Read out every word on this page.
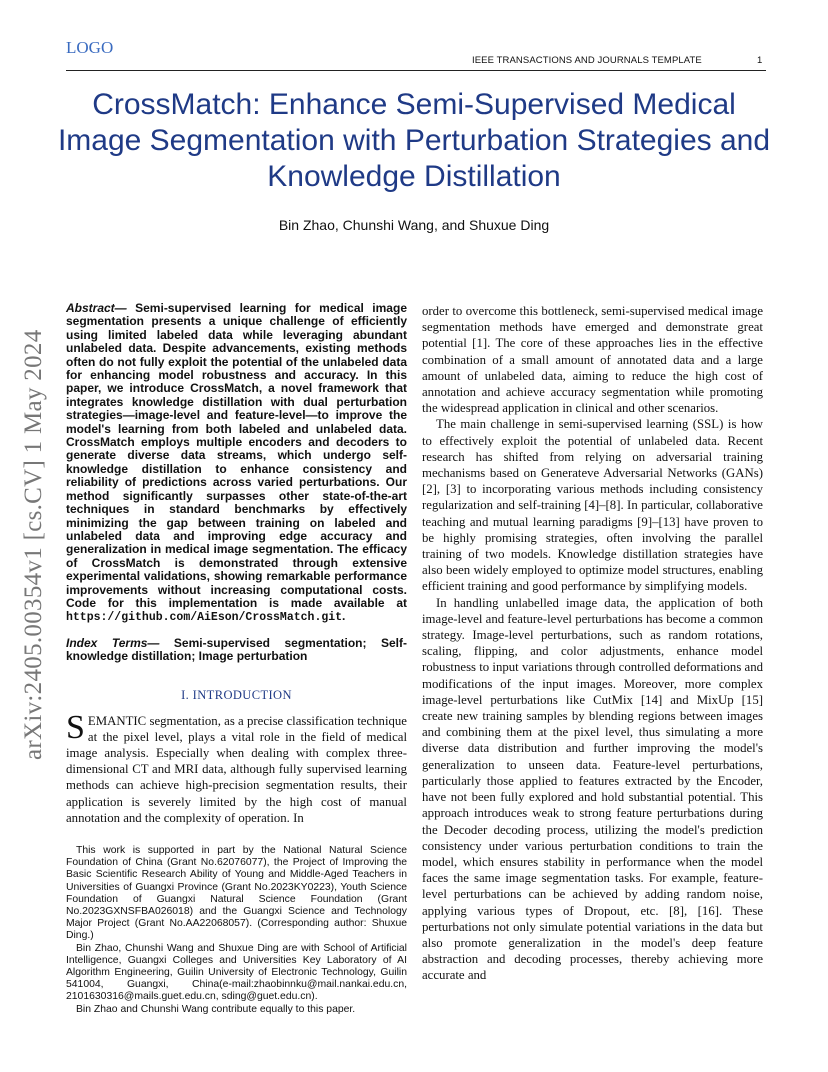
LOGO
IEEE TRANSACTIONS AND JOURNALS TEMPLATE	1
CrossMatch: Enhance Semi-Supervised Medical Image Segmentation with Perturbation Strategies and Knowledge Distillation
Bin Zhao, Chunshi Wang, and Shuxue Ding
arXiv:2405.00354v1 [cs.CV] 1 May 2024

Abstract— Semi-supervised learning for medical image segmentation presents a unique challenge of efficiently using limited labeled data while leveraging abundant unlabeled data. Despite advancements, existing methods often do not fully exploit the potential of the unlabeled data for enhancing model robustness and accuracy. In this paper, we introduce CrossMatch, a novel framework that integrates knowledge distillation with dual perturbation strategies—image-level and feature-level—to improve the model's learning from both labeled and unlabeled data. CrossMatch employs multiple encoders and decoders to generate diverse data streams, which undergo self-knowledge distillation to enhance consistency and reliability of predictions across varied perturbations. Our method significantly surpasses other state-of-the-art techniques in standard benchmarks by effectively minimizing the gap between training on labeled and unlabeled data and improving edge accuracy and generalization in medical image segmentation. The efficacy of CrossMatch is demonstrated through extensive experimental validations, showing remarkable performance improvements without increasing computational costs. Code for this implementation is made available at https://github.com/AiEson/CrossMatch.git.

Index Terms— Semi-supervised segmentation; Self-knowledge distillation; Image perturbation

I. INTRODUCTION

SEMANTIC segmentation, as a precise classification technique at the pixel level, plays a vital role in the field of medical image analysis. Especially when dealing with complex three-dimensional CT and MRI data, although fully supervised learning methods can achieve high-precision segmentation results, their application is severely limited by the high cost of manual annotation and the complexity of operation. In

This work is supported in part by the National Natural Science Foundation of China (Grant No.62076077), the Project of Improving the Basic Scientific Research Ability of Young and Middle-Aged Teachers in Universities of Guangxi Province (Grant No.2023KY0223), Youth Science Foundation of Guangxi Natural Science Foundation (Grant No.2023GXNSFBA026018) and the Guangxi Science and Technology Major Project (Grant No.AA22068057). (Corresponding author: Shuxue Ding.)

Bin Zhao, Chunshi Wang and Shuxue Ding are with School of Artificial Intelligence, Guangxi Colleges and Universities Key Laboratory of AI Algorithm Engineering, Guilin University of Electronic Technology, Guilin 541004, Guangxi, China(e-mail:zhaobinnku@mail.nankai.edu.cn, 2101630316@mails.guet.edu.cn, sding@guet.edu.cn).

Bin Zhao and Chunshi Wang contribute equally to this paper.

order to overcome this bottleneck, semi-supervised medical image segmentation methods have emerged and demonstrate great potential [1]. The core of these approaches lies in the effective combination of a small amount of annotated data and a large amount of unlabeled data, aiming to reduce the high cost of annotation and achieve accuracy segmentation while promoting the widespread application in clinical and other scenarios.

The main challenge in semi-supervised learning (SSL) is how to effectively exploit the potential of unlabeled data. Recent research has shifted from relying on adversarial training mechanisms based on Generateve Adversarial Networks (GANs) [2], [3] to incorporating various methods including consistency regularization and self-training [4]–[8]. In particular, collaborative teaching and mutual learning paradigms [9]–[13] have proven to be highly promising strategies, often involving the parallel training of two models. Knowledge distillation strategies have also been widely employed to optimize model structures, enabling efficient training and good performance by simplifying models.

In handling unlabelled image data, the application of both image-level and feature-level perturbations has become a common strategy. Image-level perturbations, such as random rotations, scaling, flipping, and color adjustments, enhance model robustness to input variations through controlled deformations and modifications of the input images. Moreover, more complex image-level perturbations like CutMix [14] and MixUp [15] create new training samples by blending regions between images and combining them at the pixel level, thus simulating a more diverse data distribution and further improving the model's generalization to unseen data. Feature-level perturbations, particularly those applied to features extracted by the Encoder, have not been fully explored and hold substantial potential. This approach introduces weak to strong feature perturbations during the Decoder decoding process, utilizing the model's prediction consistency under various perturbation conditions to train the model, which ensures stability in performance when the model faces the same image segmentation tasks. For example, feature-level perturbations can be achieved by adding random noise, applying various types of Dropout, etc. [8], [16]. These perturbations not only simulate potential variations in the data but also promote generalization in the model's deep feature abstraction and decoding processes, thereby achieving more accurate and
